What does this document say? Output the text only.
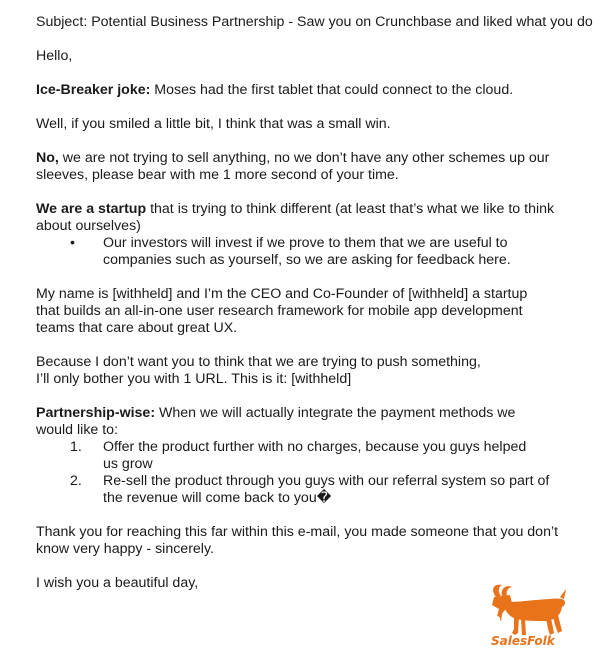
Subject: Potential Business Partnership - Saw you on Crunchbase and liked what you do
Hello,
Ice-Breaker joke: Moses had the first tablet that could connect to the cloud.
Well, if you smiled a little bit, I think that was a small win.
No, we are not trying to sell anything, no we don’t have any other schemes up our
sleeves, please bear with me 1 more second of your time.
We are a startup that is trying to think different (at least that’s what we like to think
about ourselves)
• Our investors will invest if we prove to them that we are useful to
companies such as yourself, so we are asking for feedback here.
My name is [withheld] and I’m the CEO and Co-Founder of [withheld] a startup
that builds an all-in-one user research framework for mobile app development
teams that care about great UX.
Because I don’t want you to think that we are trying to push something,
I’ll only bother you with 1 URL. This is it: [withheld]
Partnership-wise: When we will actually integrate the payment methods we
would like to:
1. Offer the product further with no charges, because you guys helped
us grow
2. Re-sell the product through you guys with our referral system so part of
the revenue will come back to you�
Thank you for reaching this far within this e-mail, you made someone that you don’t
know very happy - sincerely.
I wish you a beautiful day,
SalesFolk
